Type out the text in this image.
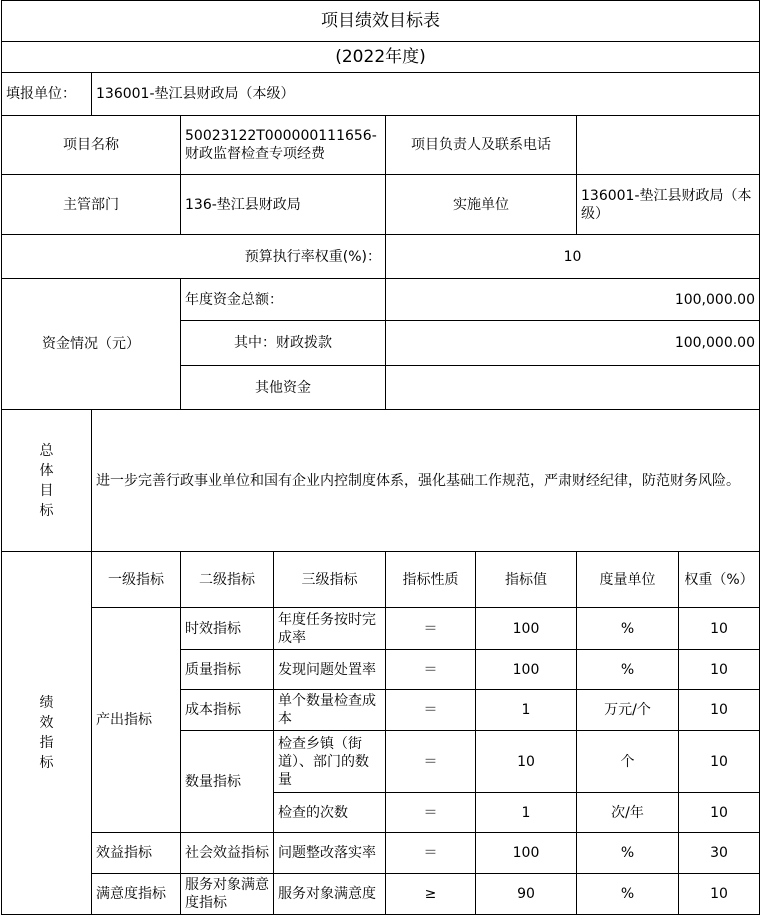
项目绩效目标表							
(2022年度)							
填报单位：	136001-垫江县财政局（本级）						
项目名称		50023122T000000111656-财政监督检查专项经费		项目负责人及联系电话			
主管部门		136-垫江县财政局		实施单位		136001-垫江县财政局（本级）	
预算执行率权重(%)：				10			
资金情况（元）		年度资金总额：		100,000.00			
		其中：财政拨款		100,000.00			
		其他资金					

总体目标	进一步完善行政事业单位和国有企业内控制度体系，强化基础工作规范，严肃财经纪律，防范财务风险。						

绩效指标	一级指标	二级指标	三级指标	指标性质	指标值	度量单位	权重（%）
	产出指标	时效指标	年度任务按时完成率	＝	100	%	10
		质量指标	发现问题处置率	＝	100	%	10
		成本指标	单个数量检查成本	＝	1	万元/个	10
		数量指标	检查乡镇（街道）、部门的数量	＝	10	个	10
			检查的次数	＝	1	次/年	10
	效益指标	社会效益指标	问题整改落实率	＝	100	%	30
	满意度指标	服务对象满意度指标	服务对象满意度	≥	90	%	10
